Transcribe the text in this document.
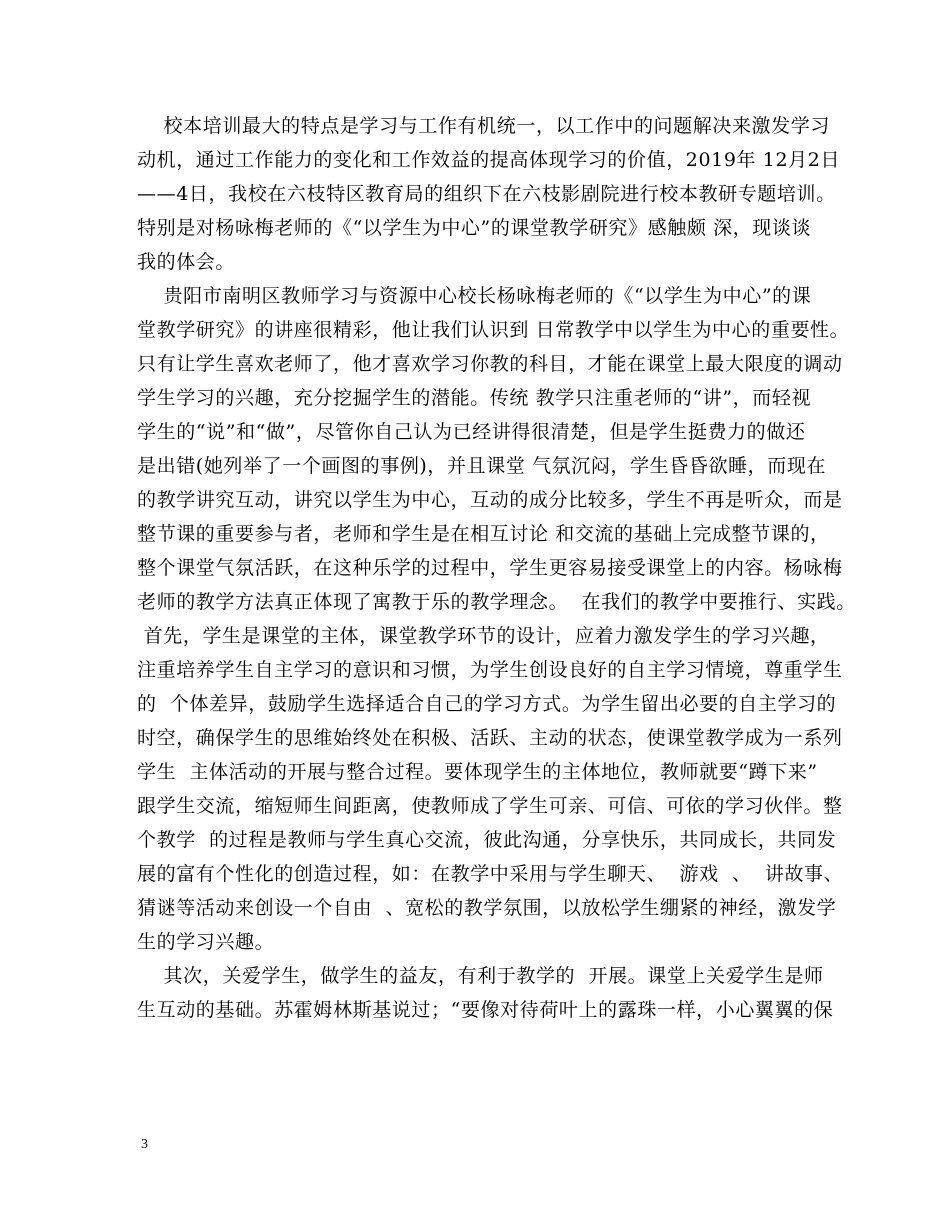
校本培训最大的特点是学习与工作有机统一，以工作中的问题解决来激发学习
动机，通过工作能力的变化和工作效益的提高体现学习的价值，2019年 12月2日
——4日，我校在六枝特区教育局的组织下在六枝影剧院进行校本教研专题培训。
特别是对杨咏梅老师的《“以学生为中心”的课堂教学研究》感触颇 深，现谈谈
我的体会。
贵阳市南明区教师学习与资源中心校长杨咏梅老师的《“以学生为中心”的课
堂教学研究》的讲座很精彩，他让我们认识到 日常教学中以学生为中心的重要性。
只有让学生喜欢老师了，他才喜欢学习你教的科目，才能在课堂上最大限度的调动
学生学习的兴趣，充分挖掘学生的潜能。传统 教学只注重老师的“讲”，而轻视
学生的“说”和“做”，尽管你自己认为已经讲得很清楚，但是学生挺费力的做还
是出错(她列举了一个画图的事例)，并且课堂 气氛沉闷，学生昏昏欲睡，而现在
的教学讲究互动，讲究以学生为中心，互动的成分比较多，学生不再是听众，而是
整节课的重要参与者，老师和学生是在相互讨论 和交流的基础上完成整节课的，
整个课堂气氛活跃，在这种乐学的过程中，学生更容易接受课堂上的内容。杨咏梅
老师的教学方法真正体现了寓教于乐的教学理念。  在我们的教学中要推行、实践。
首先，学生是课堂的主体，课堂教学环节的设计，应着力激发学生的学习兴趣，
注重培养学生自主学习的意识和习惯，为学生创设良好的自主学习情境，尊重学生
的  个体差异，鼓励学生选择适合自己的学习方式。为学生留出必要的自主学习的
时空，确保学生的思维始终处在积极、活跃、主动的状态，使课堂教学成为一系列
学生  主体活动的开展与整合过程。要体现学生的主体地位，教师就要“蹲下来”
跟学生交流，缩短师生间距离，使教师成了学生可亲、可信、可依的学习伙伴。整
个教学  的过程是教师与学生真心交流，彼此沟通，分享快乐，共同成长，共同发
展的富有个性化的创造过程，如：在教学中采用与学生聊天、  游戏  、  讲故事、
猜谜等活动来创设一个自由  、宽松的教学氛围，以放松学生绷紧的神经，激发学
生的学习兴趣。
其次，关爱学生，做学生的益友，有利于教学的  开展。课堂上关爱学生是师
生互动的基础。苏霍姆林斯基说过；“要像对待荷叶上的露珠一样，小心翼翼的保
3
